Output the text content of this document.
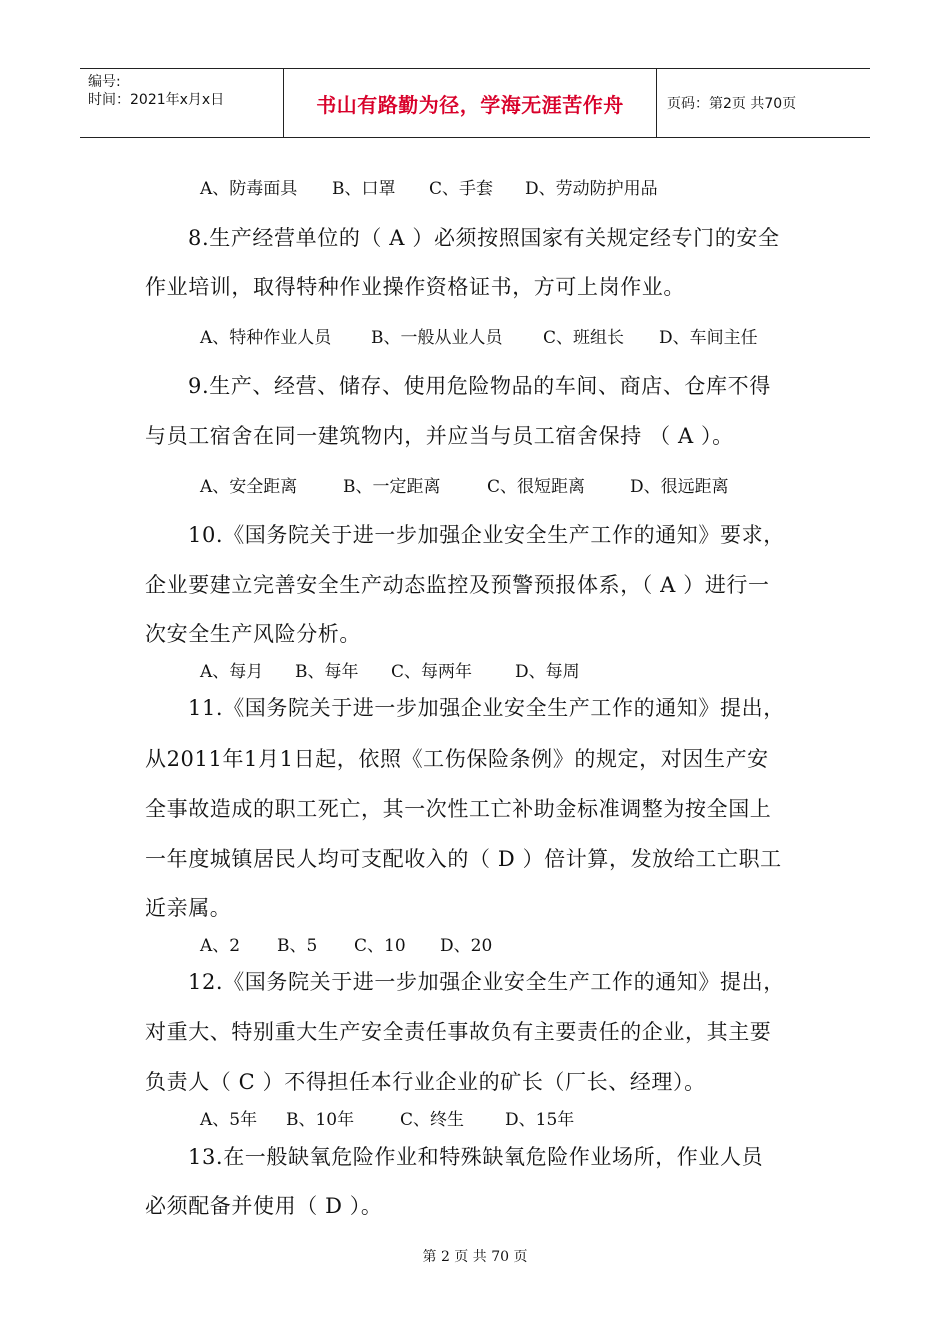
编号:
时间：2021年x月x日	书山有路勤为径，学海无涯苦作舟	页码：第2页 共70页
A、防毒面具 B、口罩 C、手套 D、劳动防护用品
8.生产经营单位的（ A ）必须按照国家有关规定经专门的安全
作业培训，取得特种作业操作资格证书，方可上岗作业。
A、特种作业人员 B、一般从业人员 C、班组长 D、车间主任
9.生产、经营、储存、使用危险物品的车间、商店、仓库不得
与员工宿舍在同一建筑物内，并应当与员工宿舍保持 （ A ）。
A、安全距离	B、一定距离	C、很短距离	D、很远距离
10.《国务院关于进一步加强企业安全生产工作的通知》要求，
企业要建立完善安全生产动态监控及预警预报体系，（ A ）进行一
次安全生产风险分析。
A、每月 B、每年 C、每两年	D、每周
11.《国务院关于进一步加强企业安全生产工作的通知》提出，
从2011年1月1日起，依照《工伤保险条例》的规定，对因生产安
全事故造成的职工死亡，其一次性工亡补助金标准调整为按全国上
一年度城镇居民人均可支配收入的（ D ）倍计算，发放给工亡职工
近亲属。
A、2 B、5 C、10 D、20
12.《国务院关于进一步加强企业安全生产工作的通知》提出，
对重大、特别重大生产安全责任事故负有主要责任的企业，其主要
负责人（ C ）不得担任本行业企业的矿长（厂长、经理）。
A、5年 B、10年	C、终生 D、15年
13.在一般缺氧危险作业和特殊缺氧危险作业场所，作业人员
必须配备并使用（ D ）。
第 2 页 共 70 页
